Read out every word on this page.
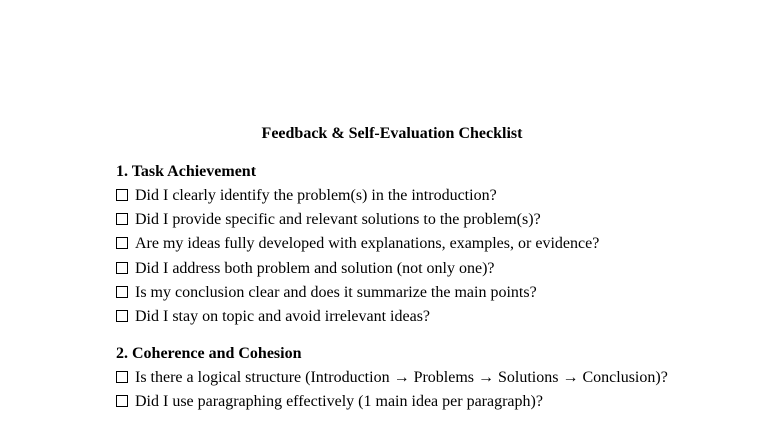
Feedback & Self-Evaluation Checklist

1. Task Achievement

Did I clearly identify the problem(s) in the introduction?

Did I provide specific and relevant solutions to the problem(s)?

Are my ideas fully developed with explanations, examples, or evidence?

Did I address both problem and solution (not only one)?

Is my conclusion clear and does it summarize the main points?

Did I stay on topic and avoid irrelevant ideas?

2. Coherence and Cohesion

Is there a logical structure (Introduction → Problems → Solutions → Conclusion)?

Did I use paragraphing effectively (1 main idea per paragraph)?
